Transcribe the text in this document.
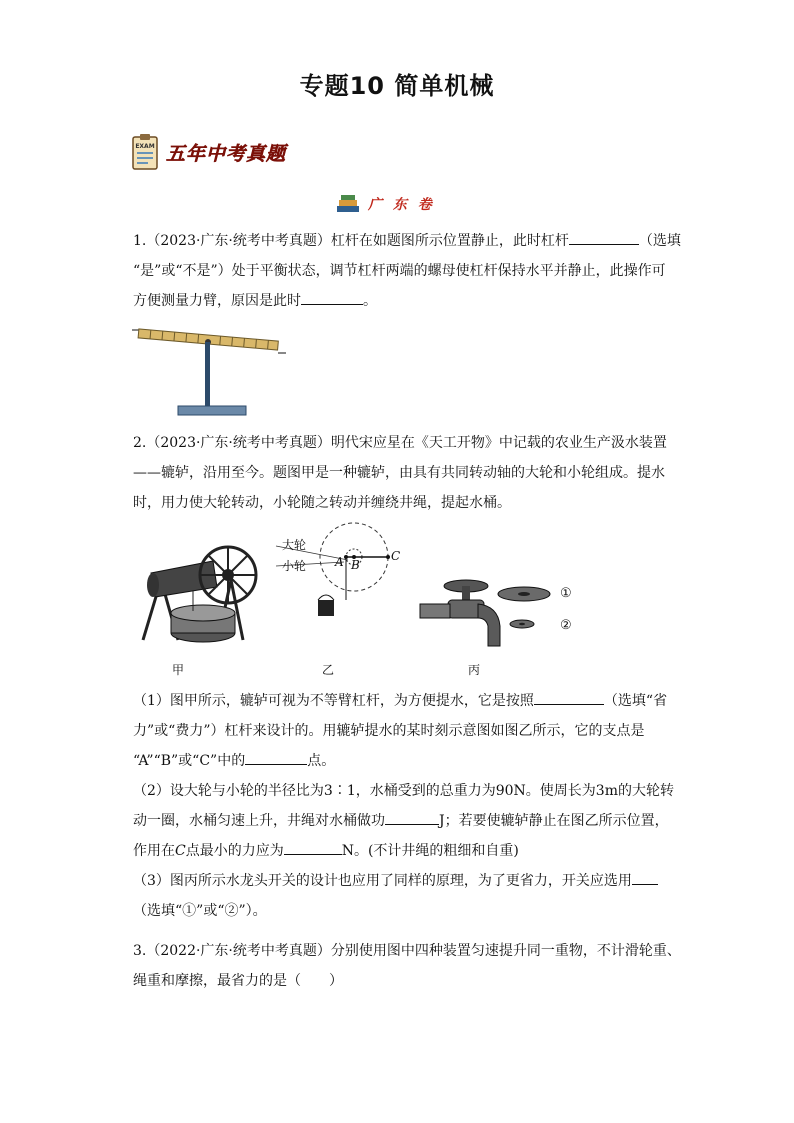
专题10 简单机械
EXAM 五年中考真题
广 东 卷
1.（2023·广东·统考中考真题）杠杆在如题图所示位置静止，此时杠杆	（选填
“是”或“不是”）处于平衡状态，调节杠杆两端的螺母使杠杆保持水平并静止，此操作可
方便测量力臂，原因是此时	。
2.（2023·广东·统考中考真题）明代宋应星在《天工开物》中记载的农业生产汲水装置
——辘轳，沿用至今。题图甲是一种辘轳，由具有共同转动轴的大轮和小轮组成。提水
时，用力使大轮转动，小轮随之转动并缠绕井绳，提起水桶。
大轮
小轮 A B
C
①
②
甲	乙	丙
（1）图甲所示，辘轳可视为不等臂杠杆，为方便提水，它是按照	（选填“省
力”或“费力”）杠杆来设计的。用辘轳提水的某时刻示意图如图乙所示，它的支点是
“A”“B”或“C”中的	点。
（2）设大轮与小轮的半径比为3∶1，水桶受到的总重力为90N。使周长为3m的大轮转
动一圈，水桶匀速上升，井绳对水桶做功	J；若要使辘轳静止在图乙所示位置，
作用在C点最小的力应为	N。(不计井绳的粗细和自重)
（3）图丙所示水龙头开关的设计也应用了同样的原理，为了更省力，开关应选用
（选填“①”或“②”）。
3.（2022·广东·统考中考真题）分别使用图中四种装置匀速提升同一重物，不计滑轮重、
绳重和摩擦，最省力的是（　　）
